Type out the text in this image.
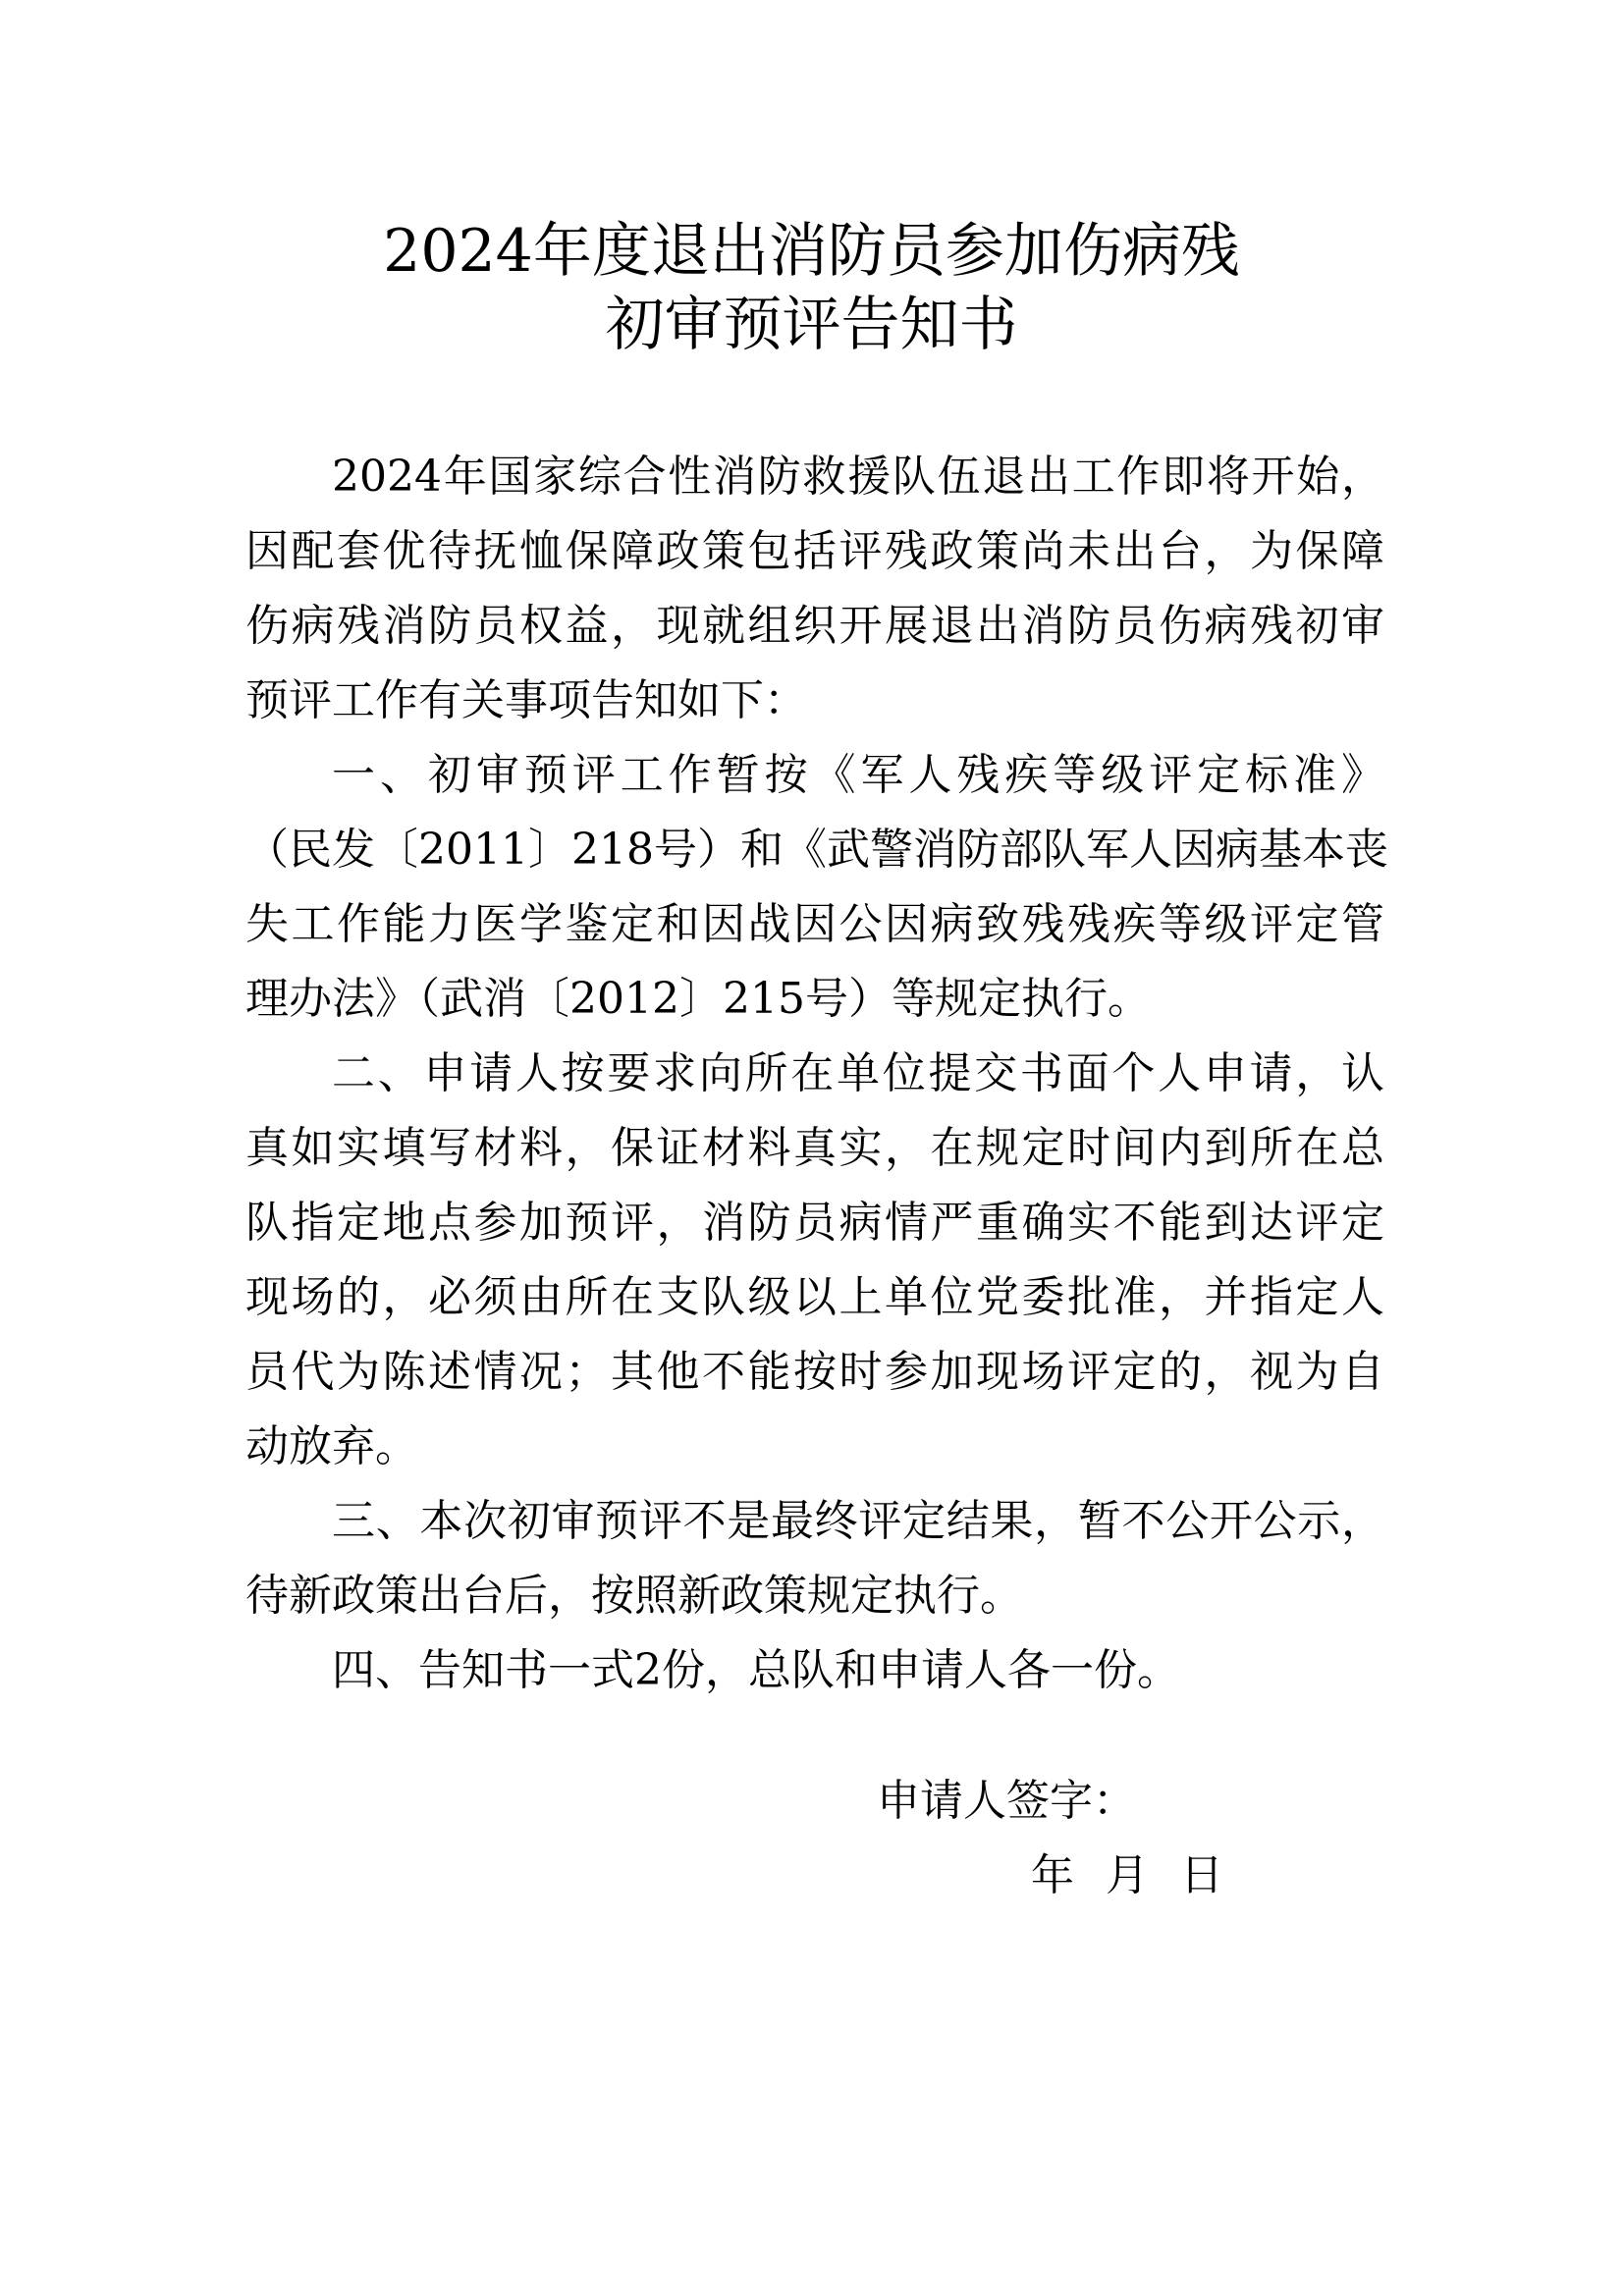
2024年度退出消防员参加伤病残
初审预评告知书
2024年国家综合性消防救援队伍退出工作即将开始，
因配套优待抚恤保障政策包括评残政策尚未出台，为保障
伤病残消防员权益，现就组织开展退出消防员伤病残初审
预评工作有关事项告知如下：
一、初审预评工作暂按《军人残疾等级评定标准》
（民发〔2011〕218号）和《武警消防部队军人因病基本丧
失工作能力医学鉴定和因战因公因病致残残疾等级评定管
理办法》（武消〔2012〕215号）等规定执行。
二、申请人按要求向所在单位提交书面个人申请，认
真如实填写材料，保证材料真实，在规定时间内到所在总
队指定地点参加预评，消防员病情严重确实不能到达评定
现场的，必须由所在支队级以上单位党委批准，并指定人
员代为陈述情况；其他不能按时参加现场评定的，视为自
动放弃。
三、本次初审预评不是最终评定结果，暂不公开公示，
待新政策出台后，按照新政策规定执行。
四、告知书一式2份，总队和申请人各一份。
申请人签字：
年 月 日
